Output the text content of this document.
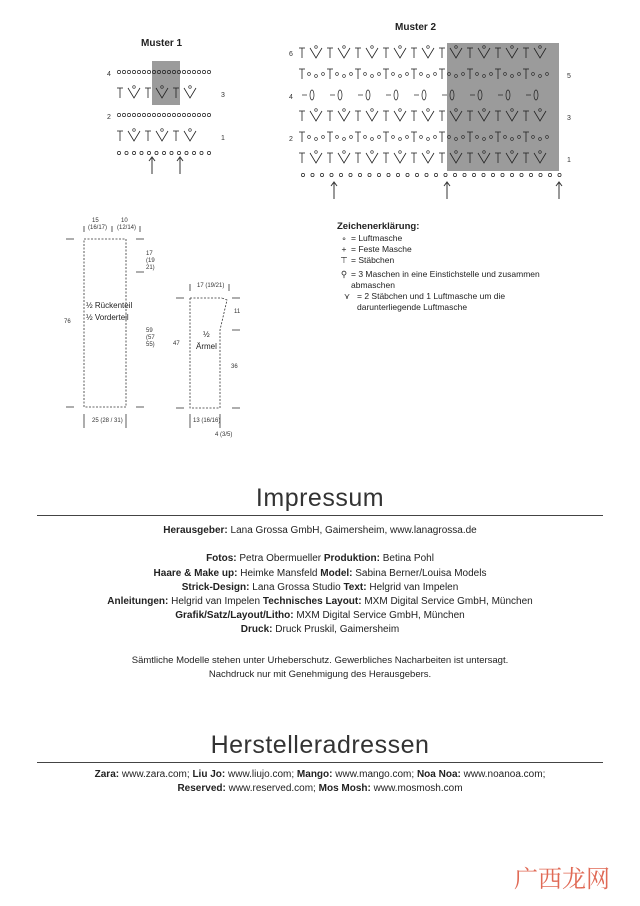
Muster 1
Muster 2
4
2
3
1
6
4
2
5
3
1
15
(16/17)
10
(12/14)
17
(19
21)
76
59
(57
55)
25 (28 / 31)
½ Rückenteil
½ Vorderteil
17 (19/21)
11
47
36
13 (16/16)
4 (3/5)
½
Ärmel
Zeichenerklärung:
∘ = Luftmasche
+ = Feste Masche
⊤ = Stäbchen
⚲ = 3 Maschen in eine Einstichstelle und zusammen abmaschen
⋎ = 2 Stäbchen und 1 Luftmasche um die darunterliegende Luftmasche
Impressum
Herausgeber: Lana Grossa GmbH, Gaimersheim, www.lanagrossa.de

Fotos: Petra Obermueller Produktion: Betina Pohl
Haare & Make up: Heimke Mansfeld Model: Sabina Berner/Louisa Models
Strick-Design: Lana Grossa Studio Text: Helgrid van Impelen
Anleitungen: Helgrid van Impelen Technisches Layout: MXM Digital Service GmbH, München
Grafik/Satz/Layout/Litho: MXM Digital Service GmbH, München
Druck: Druck Pruskil, Gaimersheim
Sämtliche Modelle stehen unter Urheberschutz. Gewerbliches Nacharbeiten ist untersagt.
Nachdruck nur mit Genehmigung des Herausgebers.
Herstelleradressen
Zara: www.zara.com; Liu Jo: www.liujo.com; Mango: www.mango.com; Noa Noa: www.noanoa.com;
Reserved: www.reserved.com; Mos Mosh: www.mosmosh.com
广西龙网
